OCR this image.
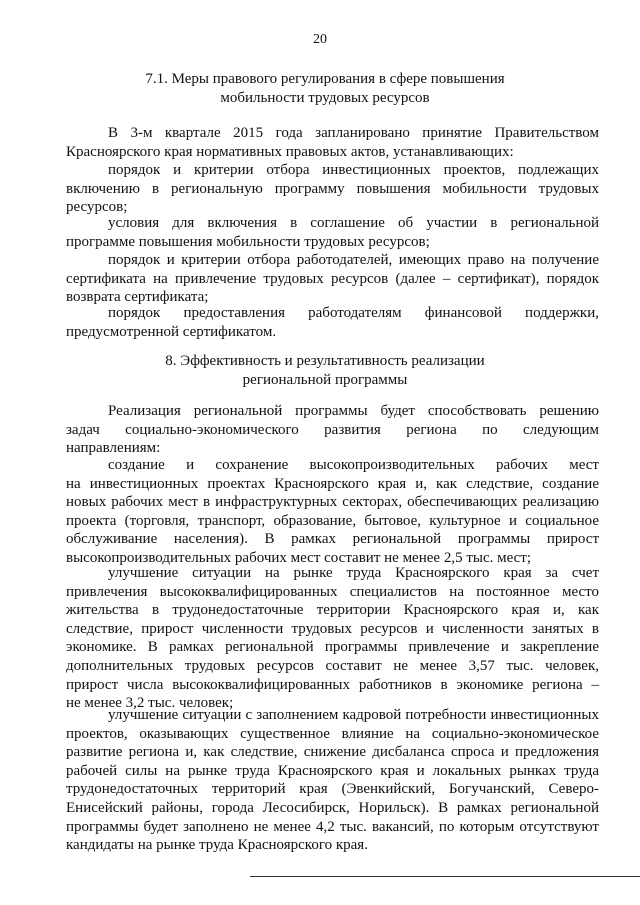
20
7.1. Меры правового регулирования в сфере повышения
мобильности трудовых ресурсов
В 3-м квартале 2015 года запланировано принятие Правительством
Красноярского края нормативных правовых актов, устанавливающих:
порядок и критерии отбора инвестиционных проектов, подлежащих
включению в региональную программу повышения мобильности трудовых
ресурсов;
условия для включения в соглашение об участии в региональной
программе повышения мобильности трудовых ресурсов;
порядок и критерии отбора работодателей, имеющих право на получение
сертификата на привлечение трудовых ресурсов (далее – сертификат), порядок
возврата сертификата;
порядок предоставления работодателям финансовой поддержки,
предусмотренной сертификатом.
8. Эффективность и результативность реализации
региональной программы
Реализация региональной программы будет способствовать решению
задач социально-экономического развития региона по следующим
направлениям:
создание и сохранение высокопроизводительных рабочих мест
на инвестиционных проектах Красноярского края и, как следствие, создание
новых рабочих мест в инфраструктурных секторах, обеспечивающих реализацию
проекта (торговля, транспорт, образование, бытовое, культурное и социальное
обслуживание населения). В рамках региональной программы прирост
высокопроизводительных рабочих мест составит не менее 2,5 тыс. мест;
улучшение ситуации на рынке труда Красноярского края за счет
привлечения высококвалифицированных специалистов на постоянное место
жительства в трудонедостаточные территории Красноярского края и, как
следствие, прирост численности трудовых ресурсов и численности занятых в
экономике. В рамках региональной программы привлечение и закрепление
дополнительных трудовых ресурсов составит не менее 3,57 тыс. человек,
прирост числа высококвалифицированных работников в экономике региона –
не менее 3,2 тыс. человек;
улучшение ситуации с заполнением кадровой потребности инвестиционных
проектов, оказывающих существенное влияние на социально-экономическое
развитие региона и, как следствие, снижение дисбаланса спроса и предложения
рабочей силы на рынке труда Красноярского края и локальных рынках труда
трудонедостаточных территорий края (Эвенкийский, Богучанский, Северо-
Енисейский районы, города Лесосибирск, Норильск). В рамках региональной
программы будет заполнено не менее 4,2 тыс. вакансий, по которым отсутствуют
кандидаты на рынке труда Красноярского края.
